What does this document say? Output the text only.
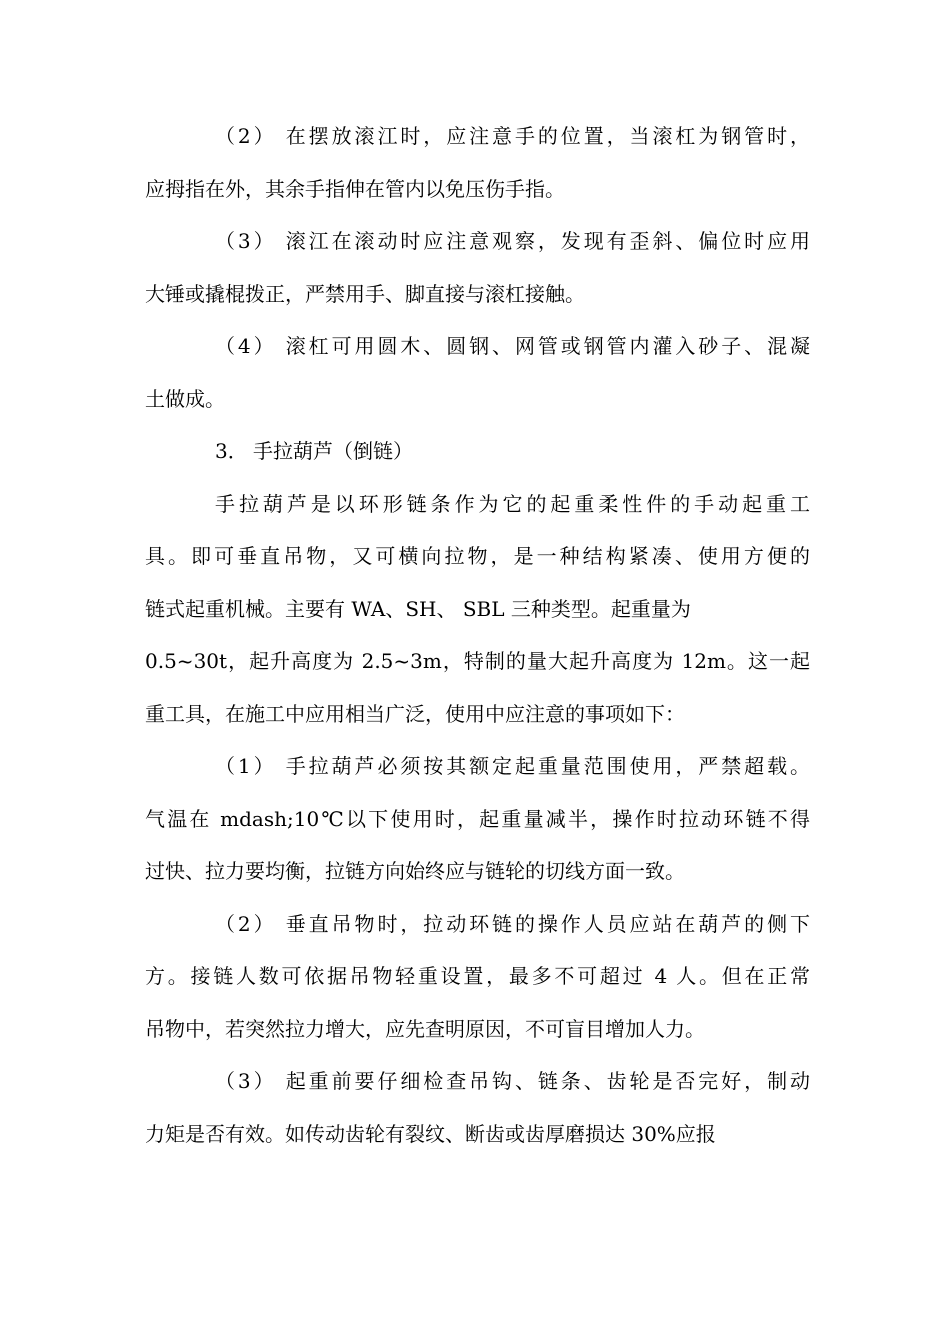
（2） 在摆放滚江时，应注意手的位置，当滚杠为钢管时，
应拇指在外，其余手指伸在管内以免压伤手指。
（3） 滚江在滚动时应注意观察，发现有歪斜、偏位时应用
大锤或撬棍拨正，严禁用手、脚直接与滚杠接触。
（4） 滚杠可用圆木、圆钢、网管或钢管内灌入砂子、混凝
土做成。
3． 手拉葫芦（倒链）
手拉葫芦是以环形链条作为它的起重柔性件的手动起重工
具。即可垂直吊物，又可横向拉物，是一种结构紧凑、使用方便的
链式起重机械。主要有 WA、SH、 SBL 三种类型。起重量为
0.5~30t，起升高度为 2.5~3m，特制的量大起升高度为 12m。这一起
重工具，在施工中应用相当广泛，使用中应注意的事项如下：
（1） 手拉葫芦必须按其额定起重量范围使用，严禁超载。
气温在 mdash;10℃以下使用时，起重量减半，操作时拉动环链不得
过快、拉力要均衡，拉链方向始终应与链轮的切线方面一致。
（2） 垂直吊物时，拉动环链的操作人员应站在葫芦的侧下
方。接链人数可依据吊物轻重设置，最多不可超过 4 人。但在正常
吊物中，若突然拉力增大，应先查明原因，不可盲目增加人力。
（3） 起重前要仔细检查吊钩、链条、齿轮是否完好，制动
力矩是否有效。如传动齿轮有裂纹、断齿或齿厚磨损达 30%应报
